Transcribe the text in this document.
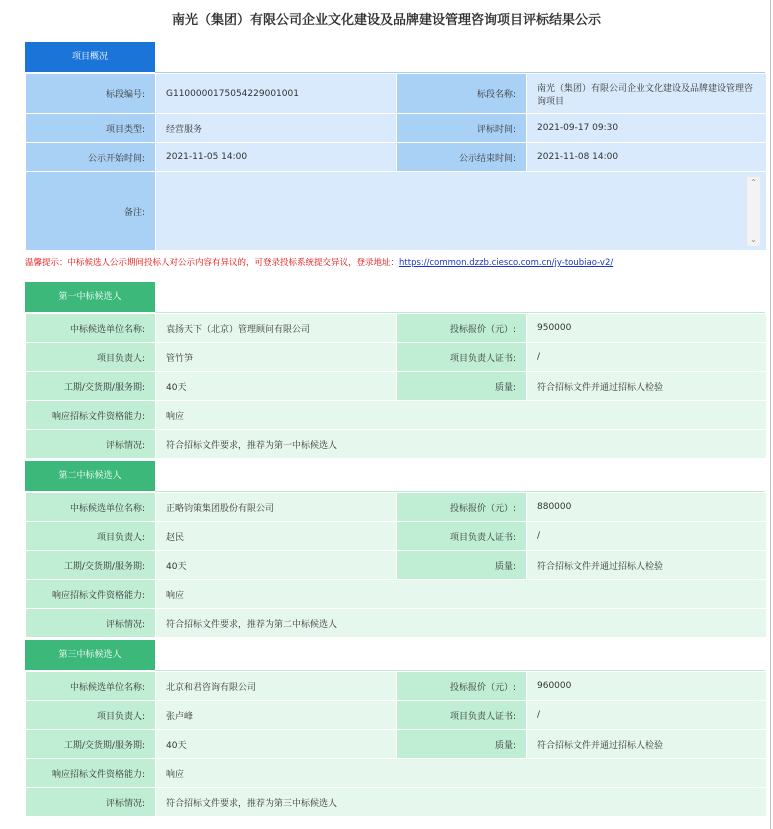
南光（集团）有限公司企业文化建设及品牌建设管理咨询项目评标结果公示
项目概况
标段编号:	G1100000175054229001001	标段名称:	南光（集团）有限公司企业文化建设及品牌建设管理咨询项目
项目类型:	经营服务	评标时间:	2021-09-17 09:30
公示开始时间:	2021-11-05 14:00	公示结束时间:	2021-11-08 14:00
备注:	⌃
⌄		
温馨提示：中标候选人公示期间投标人对公示内容有异议的，可登录投标系统提交异议，登录地址：https://common.dzzb.ciesco.com.cn/jy-toubiao-v2/
第一中标候选人
中标候选单位名称:	袁扬天下（北京）管理顾问有限公司	投标报价（元）:	950000
项目负责人:	管竹笋	项目负责人证书:	/
工期/交货期/服务期:	40天	质量:	符合招标文件并通过招标人检验
响应招标文件资格能力:	响应		
评标情况:	符合招标文件要求，推荐为第一中标候选人		
第二中标候选人
中标候选单位名称:	正略钧策集团股份有限公司	投标报价（元）:	880000
项目负责人:	赵民	项目负责人证书:	/
工期/交货期/服务期:	40天	质量:	符合招标文件并通过招标人检验
响应招标文件资格能力:	响应		
评标情况:	符合招标文件要求，推荐为第二中标候选人		
第三中标候选人
中标候选单位名称:	北京和君咨询有限公司	投标报价（元）:	960000
项目负责人:	张卢峰	项目负责人证书:	/
工期/交货期/服务期:	40天	质量:	符合招标文件并通过招标人检验
响应招标文件资格能力:	响应		
评标情况:	符合招标文件要求，推荐为第三中标候选人		
